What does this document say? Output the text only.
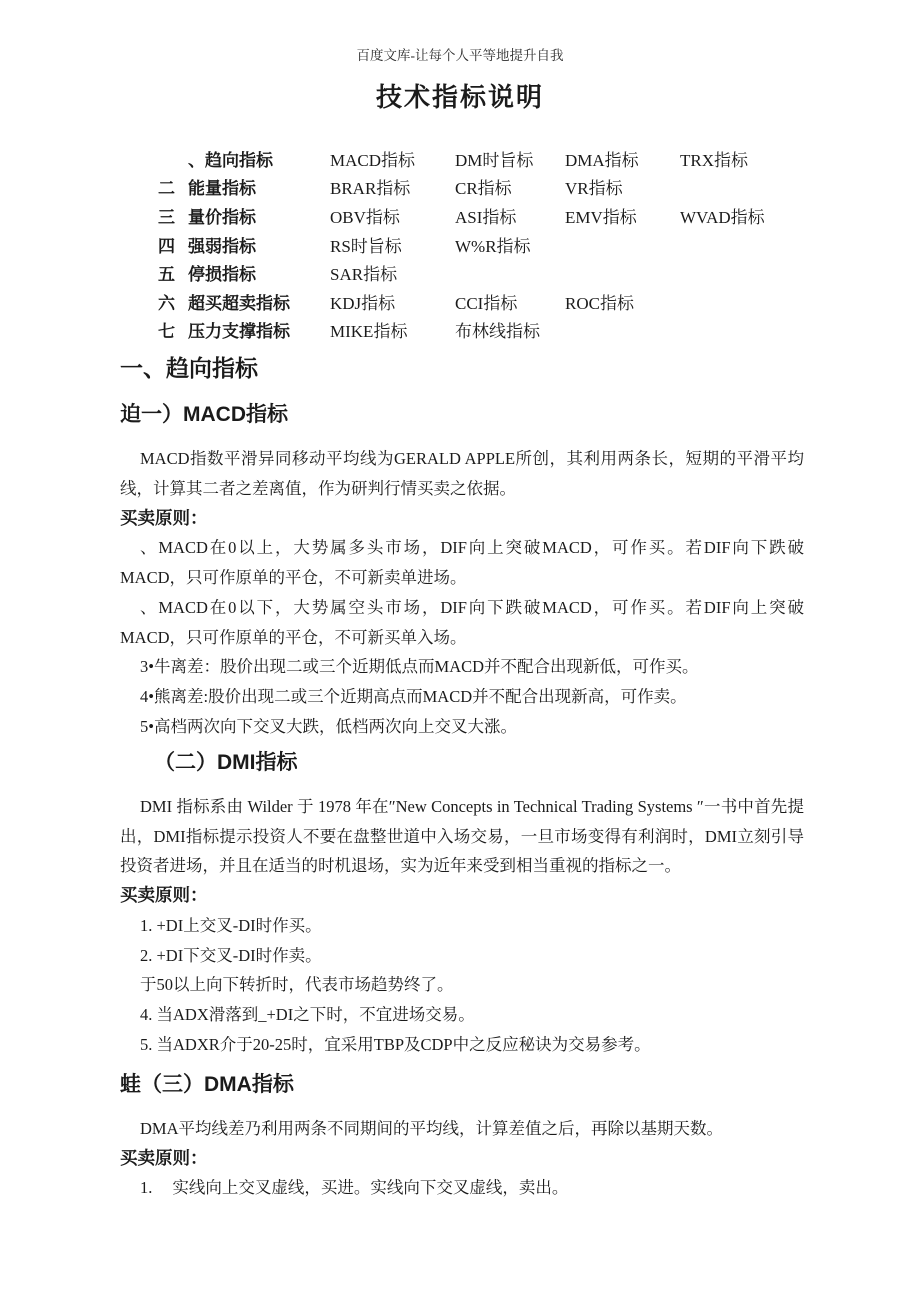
百度文库-让每个人平等地提升自我
技术指标说明
、趋向指标	MACD指标	DM时旨标	DMA指标	TRX指标
二 能量指标	BRAR指标	CR指标	VR指标
三 量价指标	OBV指标	ASI指标	EMV指标	WVAD指标
四 强弱指标	RS时旨标	W%R指标
五 停损指标	SAR指标
六 超买超卖指标	KDJ指标	CCI指标	ROC指标
七 压力支撑指标	MIKE指标	布林线指标
一、趋向指标
迫一）MACD指标

MACD指数平滑异同移动平均线为GERALD APPLE所创，其利用两条长，短期的平滑平均线，计算其二者之差离值，作为研判行情买卖之依据。

买卖原则：

、MACD在0以上，大势属多头市场，DIF向上突破MACD，可作买。若DIF向下跌破MACD，只可作原单的平仓，不可新卖单进场。

、MACD在0以下，大势属空头市场，DIF向下跌破MACD，可作买。若DIF向上突破MACD，只可作原单的平仓，不可新买单入场。

3•牛离差：股价出现二或三个近期低点而MACD并不配合出现新低，可作买。

4•熊离差:股价出现二或三个近期高点而MACD并不配合出现新高，可作卖。

5•高档两次向下交叉大跌，低档两次向上交叉大涨。

（二）DMI指标

DMI 指标系由 Wilder 于 1978 年在″New Concepts in Technical Trading Systems ″一书中首先提出，DMI指标提示投资人不要在盘整世道中入场交易，一旦市场变得有利润时，DMI立刻引导投资者进场，并且在适当的时机退场，实为近年来受到相当重视的指标之一。

买卖原则：
1. +DI上交叉-DI时作买。
2. +DI下交叉-DI时作卖。
于50以上向下转折时，代表市场趋势终了。
4. 当ADX滑落到_+DI之下时，不宜进场交易。
5. 当ADXR介于20-25时，宜采用TBP及CDP中之反应秘诀为交易参考。
蛙（三）DMA指标

DMA平均线差乃利用两条不同期间的平均线，计算差值之后，再除以基期天数。

买卖原则：
1. 实线向上交叉虚线，买进。实线向下交叉虚线，卖出。
